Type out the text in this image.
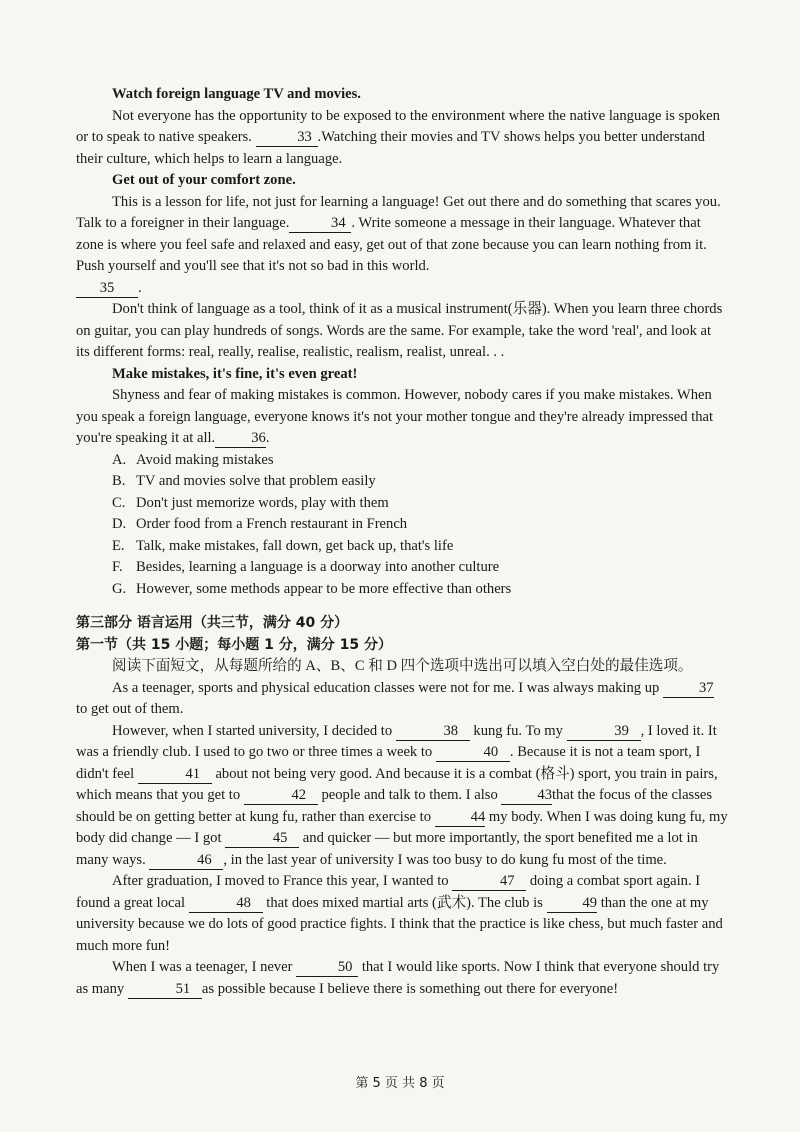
Watch foreign language TV and movies.

Not everyone has the opportunity to be exposed to the environment where the native language is spoken or to speak to native speakers.	33 .Watching their movies and TV shows helps you better understand their culture, which helps to learn a language.

Get out of your comfort zone.

This is a lesson for life, not just for learning a language! Get out there and do something that scares you. Talk to a foreigner in their language.	34 . Write someone a message in their language. Whatever that zone is where you feel safe and relaxed and easy, get out of that zone because you can learn nothing from it. Push yourself and you'll see that it's not so bad in this world.

35 .

Don't think of language as a tool, think of it as a musical instrument(乐器). When you learn three chords on guitar, you can play hundreds of songs. Words are the same. For example, take the word 'real', and look at its different forms: real, really, realise, realistic, realism, realist, unreal. . .

Make mistakes, it's fine, it's even great!

Shyness and fear of making mistakes is common. However, nobody cares if you make mistakes. When you speak a foreign language, everyone knows it's not your mother tongue and they're already impressed that you're speaking it at all. 36.

A. Avoid making mistakes

B. TV and movies solve that problem easily

C. Don't just memorize words, play with them

D. Order food from a French restaurant in French

E. Talk, make mistakes, fall down, get back up, that's life

F. Besides, learning a language is a doorway into another culture

G. However, some methods appear to be more effective than others

第三部分 语言运用（共三节，满分 40 分）

第一节（共 15 小题；每小题 1 分，满分 15 分）

阅读下面短文，从每题所给的 A、B、C 和 D 四个选项中选出可以填入空白处的最佳选项。

As a teenager, sports and physical education classes were not for me. I was always making up	37 to get out of them.

However, when I started university, I decided to	38 kung fu. To my	39 , I loved it. It was a friendly club. I used to go two or three times a week to	40 . Because it is not a team sport, I didn't feel	41 about not being very good. And because it is a combat (格斗) sport, you train in pairs, which means that you get to	42 people and talk to them. I also 43that the focus of the classes should be on getting better at kung fu, rather than exercise to 44 my body. When I was doing kung fu, my body did change — I got	45 and quicker — but more importantly, the sport benefited me a lot in many ways.	46 , in the last year of university I was too busy to do kung fu most of the time.

After graduation, I moved to France this year, I wanted to	47 doing a combat sport again. I found a great local	48 that does mixed martial arts (武术). The club is 49 than the one at my university because we do lots of good practice fights. I think that the practice is like chess, but much faster and much more fun!

When I was a teenager, I never	50 that I would like sports. Now I think that everyone should try as many	51 as possible because I believe there is something out there for everyone!

第 5 页 共 8 页
